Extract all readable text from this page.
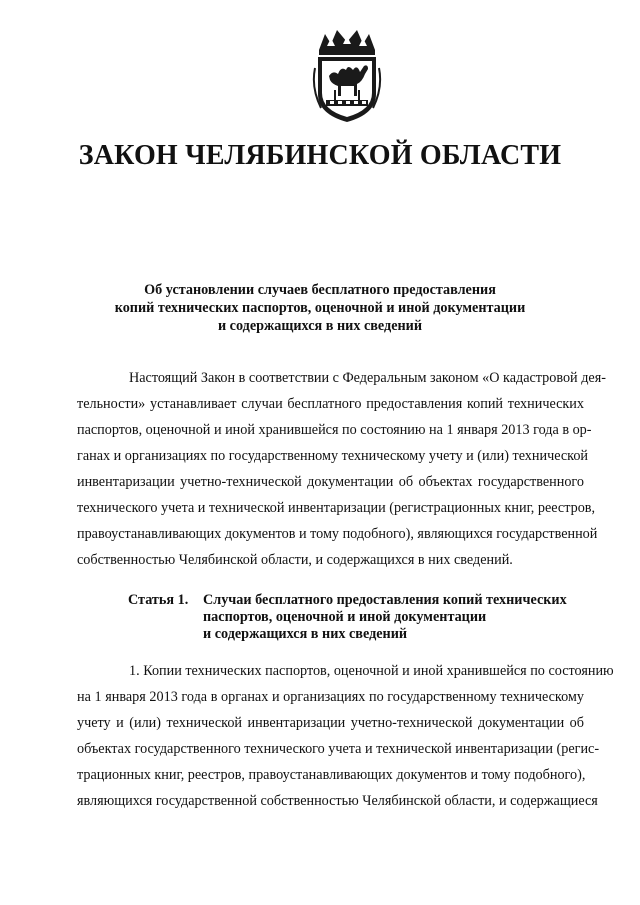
ЗАКОН ЧЕЛЯБИНСКОЙ ОБЛАСТИ
Об установлении случаев бесплатного предоставления
копий технических паспортов, оценочной и иной документации
и содержащихся в них сведений
Настоящий Закон в соответствии с Федеральным законом «О кадастровой дея-
тельности» устанавливает случаи бесплатного предоставления копий технических
паспортов, оценочной и иной хранившейся по состоянию на 1 января 2013 года в ор-
ганах и организациях по государственному техническому учету и (или) технической
инвентаризации учетно-технической документации об объектах государственного
технического учета и технической инвентаризации (регистрационных книг, реестров,
правоустанавливающих документов и тому подобного), являющихся государственной
собственностью Челябинской области, и содержащихся в них сведений.
Статья 1. Случаи бесплатного предоставления копий технических
паспортов, оценочной и иной документации
и содержащихся в них сведений
1. Копии технических паспортов, оценочной и иной хранившейся по состоянию
на 1 января 2013 года в органах и организациях по государственному техническому
учету и (или) технической инвентаризации учетно-технической документации об
объектах государственного технического учета и технической инвентаризации (регис-
трационных книг, реестров, правоустанавливающих документов и тому подобного),
являющихся государственной собственностью Челябинской области, и содержащиеся
